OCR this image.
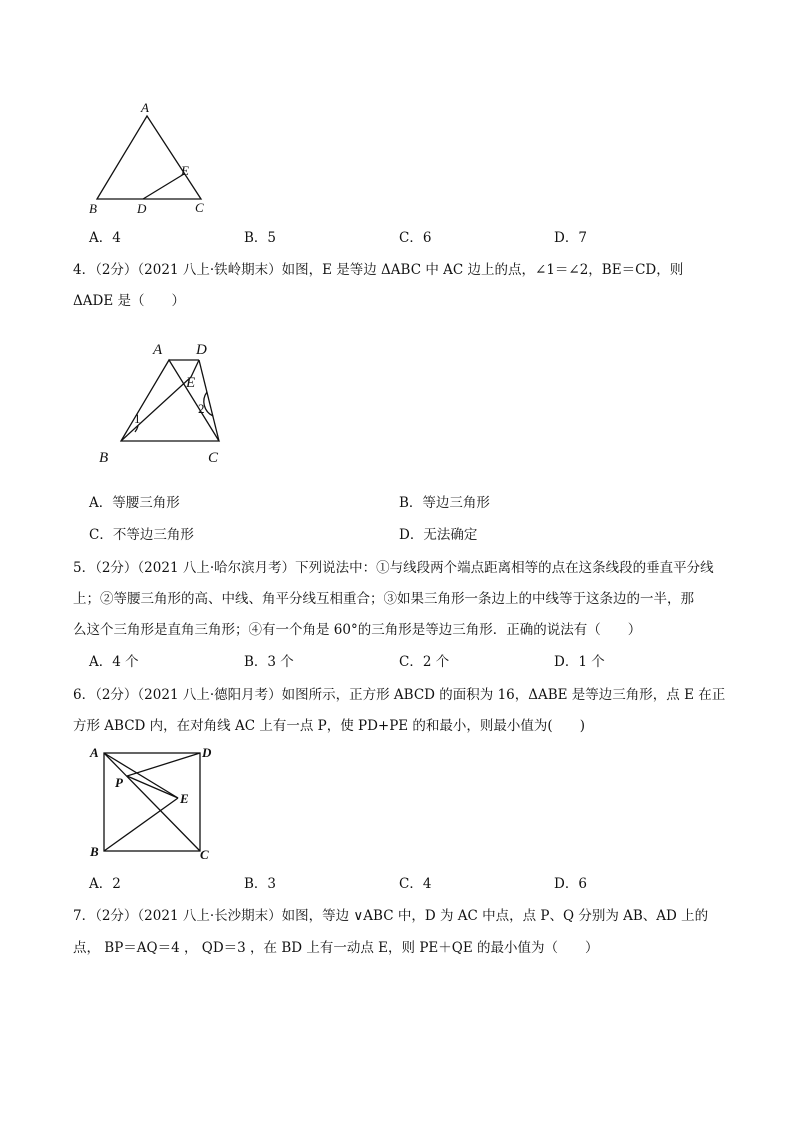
A
B	C
D
E
A．4	B．5	C．6	D．7
4．（2分）（2021 八上·铁岭期末）如图，E 是等边 ΔABC 中 AC 边上的点，∠1＝∠2，BE＝CD，则
ΔADE 是（　　）
A D
E
B	C
1
2
A．等腰三角形	B．等边三角形
C．不等边三角形	D．无法确定
5．（2分）（2021 八上·哈尔滨月考）下列说法中：①与线段两个端点距离相等的点在这条线段的垂直平分线
上；②等腰三角形的高、中线、角平分线互相重合；③如果三角形一条边上的中线等于这条边的一半，那
么这个三角形是直角三角形；④有一个角是 60°的三角形是等边三角形．正确的说法有（　　）
A．4 个	B．3 个	C．2 个	D．1 个
6．（2分）（2021 八上·德阳月考）如图所示，正方形 ABCD 的面积为 16，ΔABE 是等边三角形，点 E 在正
方形 ABCD 内，在对角线 AC 上有一点 P，使 PD+PE 的和最小，则最小值为(　　)
A	D
P
E
B	C
A．2	B．3	C．4	D．6
7．（2分）（2021 八上·长沙期末）如图，等边 ∨ABC 中，D 为 AC 中点，点 P、Q 分别为 AB、AD 上的
点， BP＝AQ＝4 ， QD＝3 ，在 BD 上有一动点 E，则 PE＋QE 的最小值为（　　）
